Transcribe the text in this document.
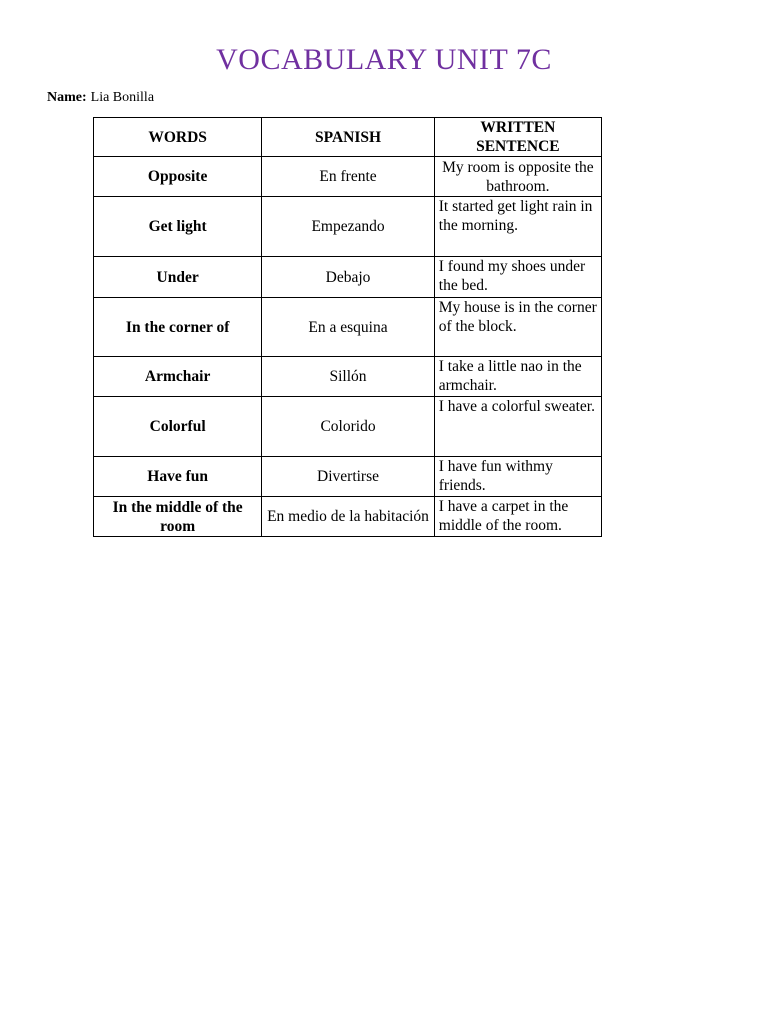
VOCABULARY UNIT 7C
Name: Lia Bonilla
WORDS	SPANISH	WRITTEN SENTENCE
Opposite	En frente	My room is opposite the bathroom.
Get light	Empezando	It started get light rain in the morning.
Under	Debajo	I found my shoes under the bed.
In the corner of	En a esquina	My house is in the corner of the block.
Armchair	Sillón	I take a little nao in the armchair.
Colorful	Colorido	I have a colorful sweater.
Have fun	Divertirse	I have fun withmy friends.
In the middle of the room	En medio de la habitación	I have a carpet in the middle of the room.
